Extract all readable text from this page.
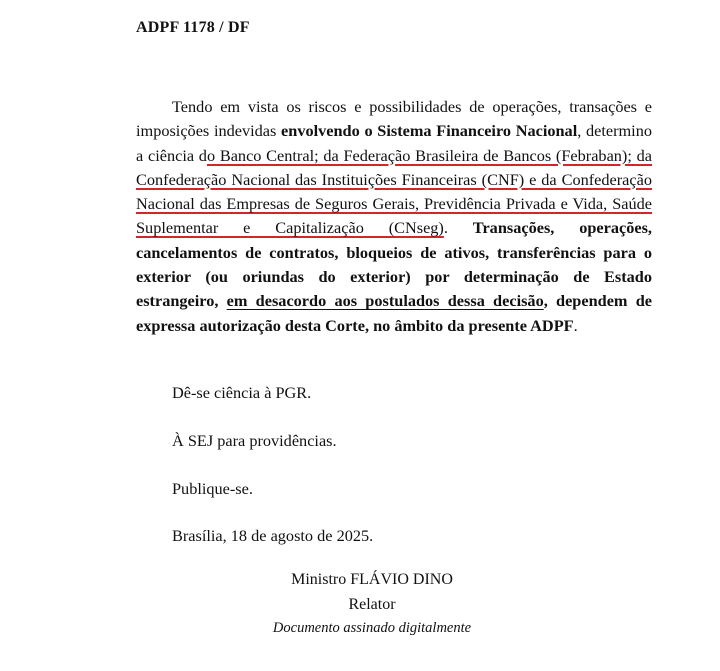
ADPF 1178 / DF
Tendo em vista os riscos e possibilidades de operações, transações e imposições indevidas envolvendo o Sistema Financeiro Nacional, determino a ciência do Banco Central; da Federação Brasileira de Bancos (Febraban); da Confederação Nacional das Instituições Financeiras (CNF) e da Confederação Nacional das Empresas de Seguros Gerais, Previdência Privada e Vida, Saúde Suplementar e Capitalização (CNseg). Transações, operações, cancelamentos de contratos, bloqueios de ativos, transferências para o exterior (ou oriundas do exterior) por determinação de Estado estrangeiro, em desacordo aos postulados dessa decisão, dependem de expressa autorização desta Corte, no âmbito da presente ADPF.
Dê-se ciência à PGR.
À SEJ para providências.
Publique-se.
Brasília, 18 de agosto de 2025.
Ministro FLÁVIO DINO
Relator
Documento assinado digitalmente
